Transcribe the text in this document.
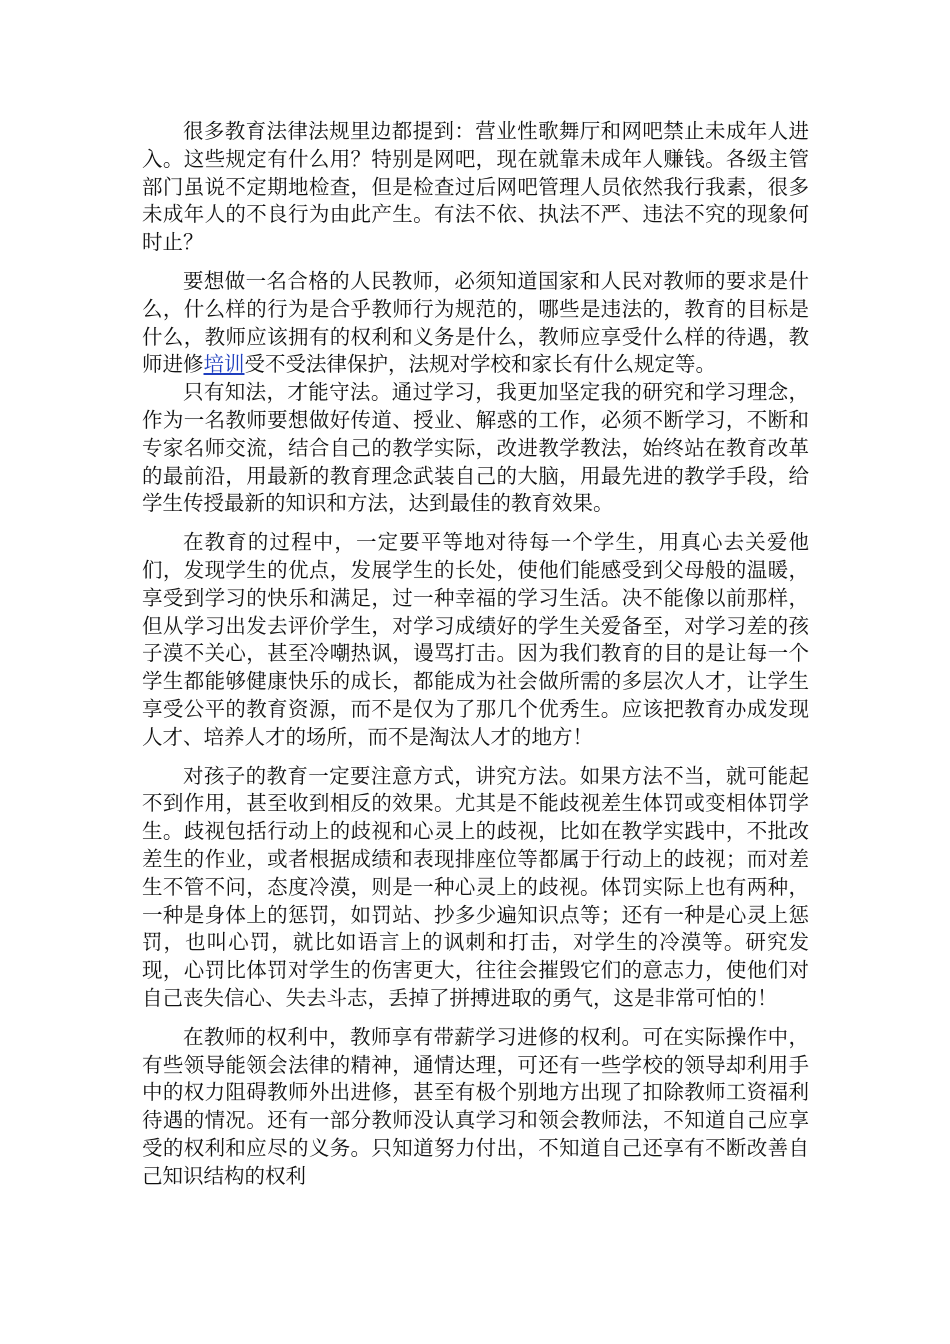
很多教育法律法规里边都提到：营业性歌舞厅和网吧禁止未成年人进入。这些规定有什么用？特别是网吧，现在就靠未成年人赚钱。各级主管部门虽说不定期地检查，但是检查过后网吧管理人员依然我行我素，很多未成年人的不良行为由此产生。有法不依、执法不严、违法不究的现象何时止？

要想做一名合格的人民教师，必须知道国家和人民对教师的要求是什么，什么样的行为是合乎教师行为规范的，哪些是违法的，教育的目标是什么，教师应该拥有的权利和义务是什么，教师应享受什么样的待遇，教师进修培训受不受法律保护，法规对学校和家长有什么规定等。

只有知法，才能守法。通过学习，我更加坚定我的研究和学习理念，作为一名教师要想做好传道、授业、解惑的工作，必须不断学习，不断和专家名师交流，结合自己的教学实际，改进教学教法，始终站在教育改革的最前沿，用最新的教育理念武装自己的大脑，用最先进的教学手段，给学生传授最新的知识和方法，达到最佳的教育效果。

在教育的过程中，一定要平等地对待每一个学生，用真心去关爱他们，发现学生的优点，发展学生的长处，使他们能感受到父母般的温暖，享受到学习的快乐和满足，过一种幸福的学习生活。决不能像以前那样，但从学习出发去评价学生，对学习成绩好的学生关爱备至，对学习差的孩子漠不关心，甚至冷嘲热讽，谩骂打击。因为我们教育的目的是让每一个学生都能够健康快乐的成长，都能成为社会做所需的多层次人才，让学生享受公平的教育资源，而不是仅为了那几个优秀生。应该把教育办成发现人才、培养人才的场所，而不是淘汰人才的地方！

对孩子的教育一定要注意方式，讲究方法。如果方法不当，就可能起不到作用，甚至收到相反的效果。尤其是不能歧视差生体罚或变相体罚学生。歧视包括行动上的歧视和心灵上的歧视，比如在教学实践中，不批改差生的作业，或者根据成绩和表现排座位等都属于行动上的歧视；而对差生不管不问，态度冷漠，则是一种心灵上的歧视。体罚实际上也有两种，一种是身体上的惩罚，如罚站、抄多少遍知识点等；还有一种是心灵上惩罚，也叫心罚，就比如语言上的讽刺和打击，对学生的冷漠等。研究发现，心罚比体罚对学生的伤害更大，往往会摧毁它们的意志力，使他们对自己丧失信心、失去斗志，丢掉了拼搏进取的勇气，这是非常可怕的！

在教师的权利中，教师享有带薪学习进修的权利。可在实际操作中，有些领导能领会法律的精神，通情达理，可还有一些学校的领导却利用手中的权力阻碍教师外出进修，甚至有极个别地方出现了扣除教师工资福利待遇的情况。还有一部分教师没认真学习和领会教师法，不知道自己应享受的权利和应尽的义务。只知道努力付出，不知道自己还享有不断改善自己知识结构的权利
